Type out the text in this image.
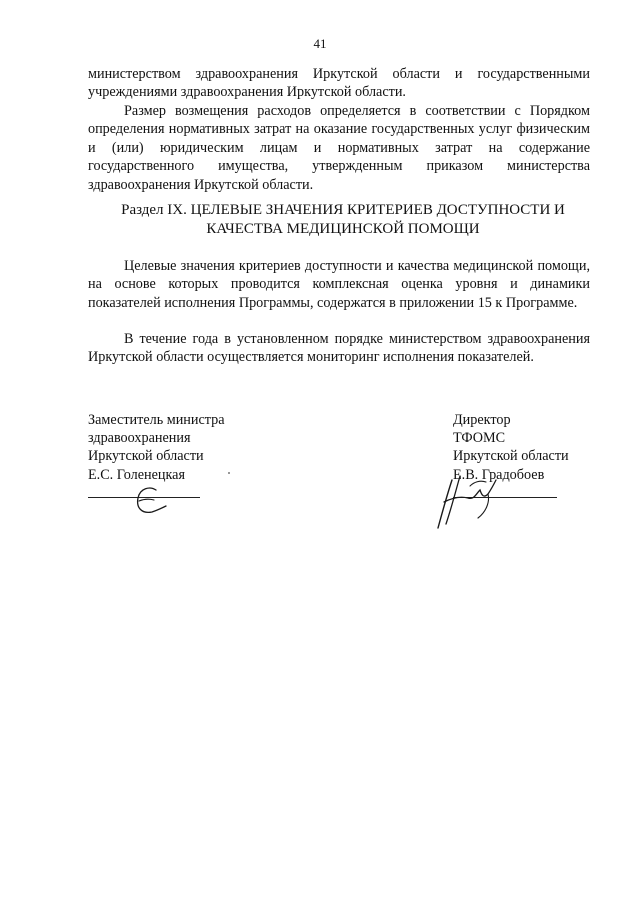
41

министерством здравоохранения Иркутской области и государственными учреждениями здравоохранения Иркутской области.

Размер возмещения расходов определяется в соответствии с Порядком определения нормативных затрат на оказание государственных услуг физическим и (или) юридическим лицам и нормативных затрат на содержание государственного имущества, утвержденным приказом министерства здравоохранения Иркутской области.

Раздел IX. ЦЕЛЕВЫЕ ЗНАЧЕНИЯ КРИТЕРИЕВ ДОСТУПНОСТИ И КАЧЕСТВА МЕДИЦИНСКОЙ ПОМОЩИ

Целевые значения критериев доступности и качества медицинской помощи, на основе которых проводится комплексная оценка уровня и динамики показателей исполнения Программы, содержатся в приложении 15 к Программе.

В течение года в установленном порядке министерством здравоохранения Иркутской области осуществляется мониторинг исполнения показателей.

Заместитель министра
здравоохранения
Иркутской области
Е.С. Голенецкая
Директор
ТФОМС
Иркутской области
Е.В. Градобоев
